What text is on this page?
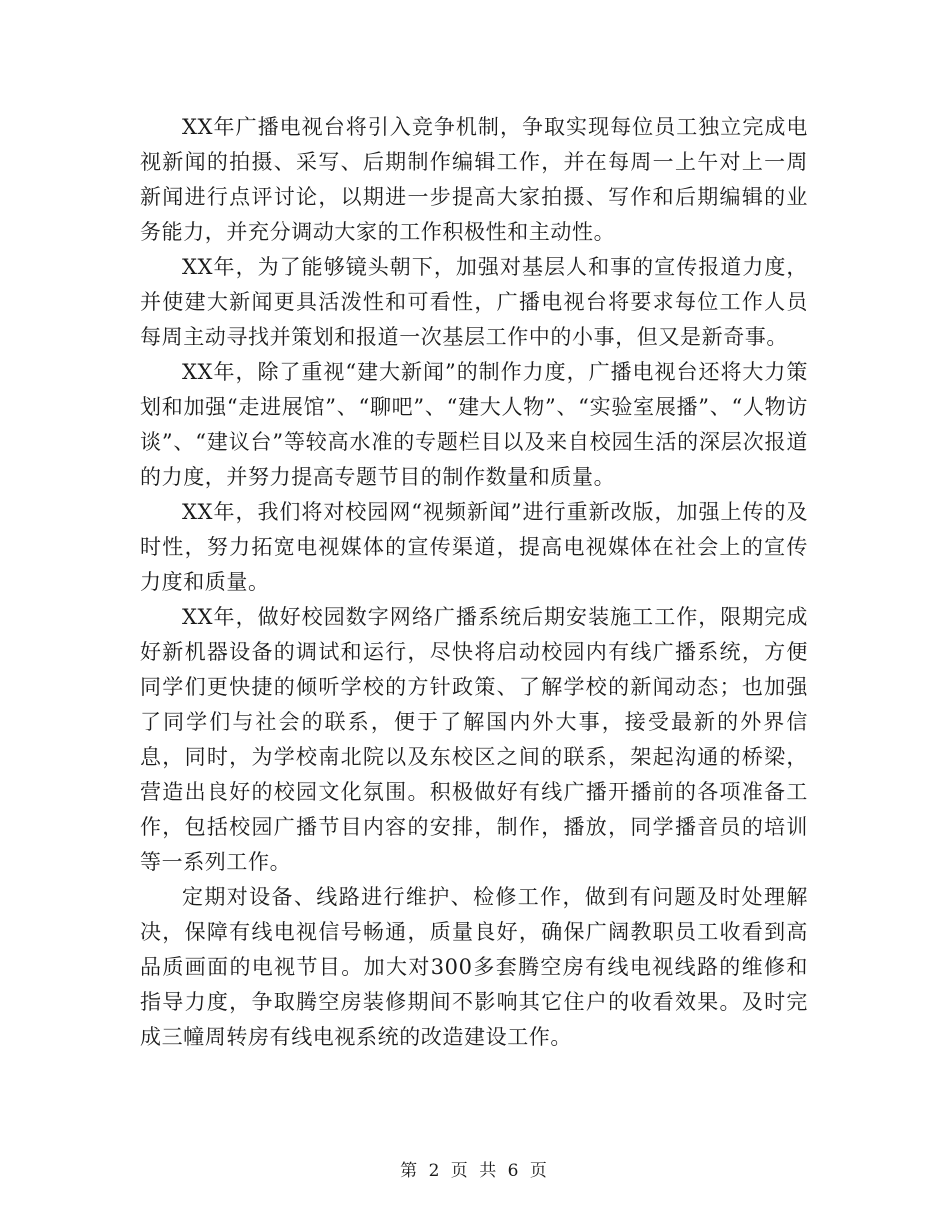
XX年广播电视台将引入竞争机制，争取实现每位员工独立完成电视新闻的拍摄、采写、后期制作编辑工作，并在每周一上午对上一周新闻进行点评讨论，以期进一步提高大家拍摄、写作和后期编辑的业务能力，并充分调动大家的工作积极性和主动性。

XX年，为了能够镜头朝下，加强对基层人和事的宣传报道力度，并使建大新闻更具活泼性和可看性，广播电视台将要求每位工作人员每周主动寻找并策划和报道一次基层工作中的小事，但又是新奇事。

XX年，除了重视“建大新闻”的制作力度，广播电视台还将大力策划和加强“走进展馆”、“聊吧”、“建大人物”、“实验室展播”、“人物访谈”、“建议台”等较高水准的专题栏目以及来自校园生活的深层次报道的力度，并努力提高专题节目的制作数量和质量。

XX年，我们将对校园网“视频新闻”进行重新改版，加强上传的及时性，努力拓宽电视媒体的宣传渠道，提高电视媒体在社会上的宣传力度和质量。

XX年，做好校园数字网络广播系统后期安装施工工作，限期完成好新机器设备的调试和运行，尽快将启动校园内有线广播系统，方便同学们更快捷的倾听学校的方针政策、了解学校的新闻动态；也加强了同学们与社会的联系，便于了解国内外大事，接受最新的外界信息，同时，为学校南北院以及东校区之间的联系，架起沟通的桥梁，营造出良好的校园文化氛围。积极做好有线广播开播前的各项准备工作，包括校园广播节目内容的安排，制作，播放，同学播音员的培训等一系列工作。

定期对设备、线路进行维护、检修工作，做到有问题及时处理解决，保障有线电视信号畅通，质量良好，确保广阔教职员工收看到高品质画面的电视节目。加大对300多套腾空房有线电视线路的维修和指导力度，争取腾空房装修期间不影响其它住户的收看效果。及时完成三幢周转房有线电视系统的改造建设工作。

第 2 页 共 6 页
